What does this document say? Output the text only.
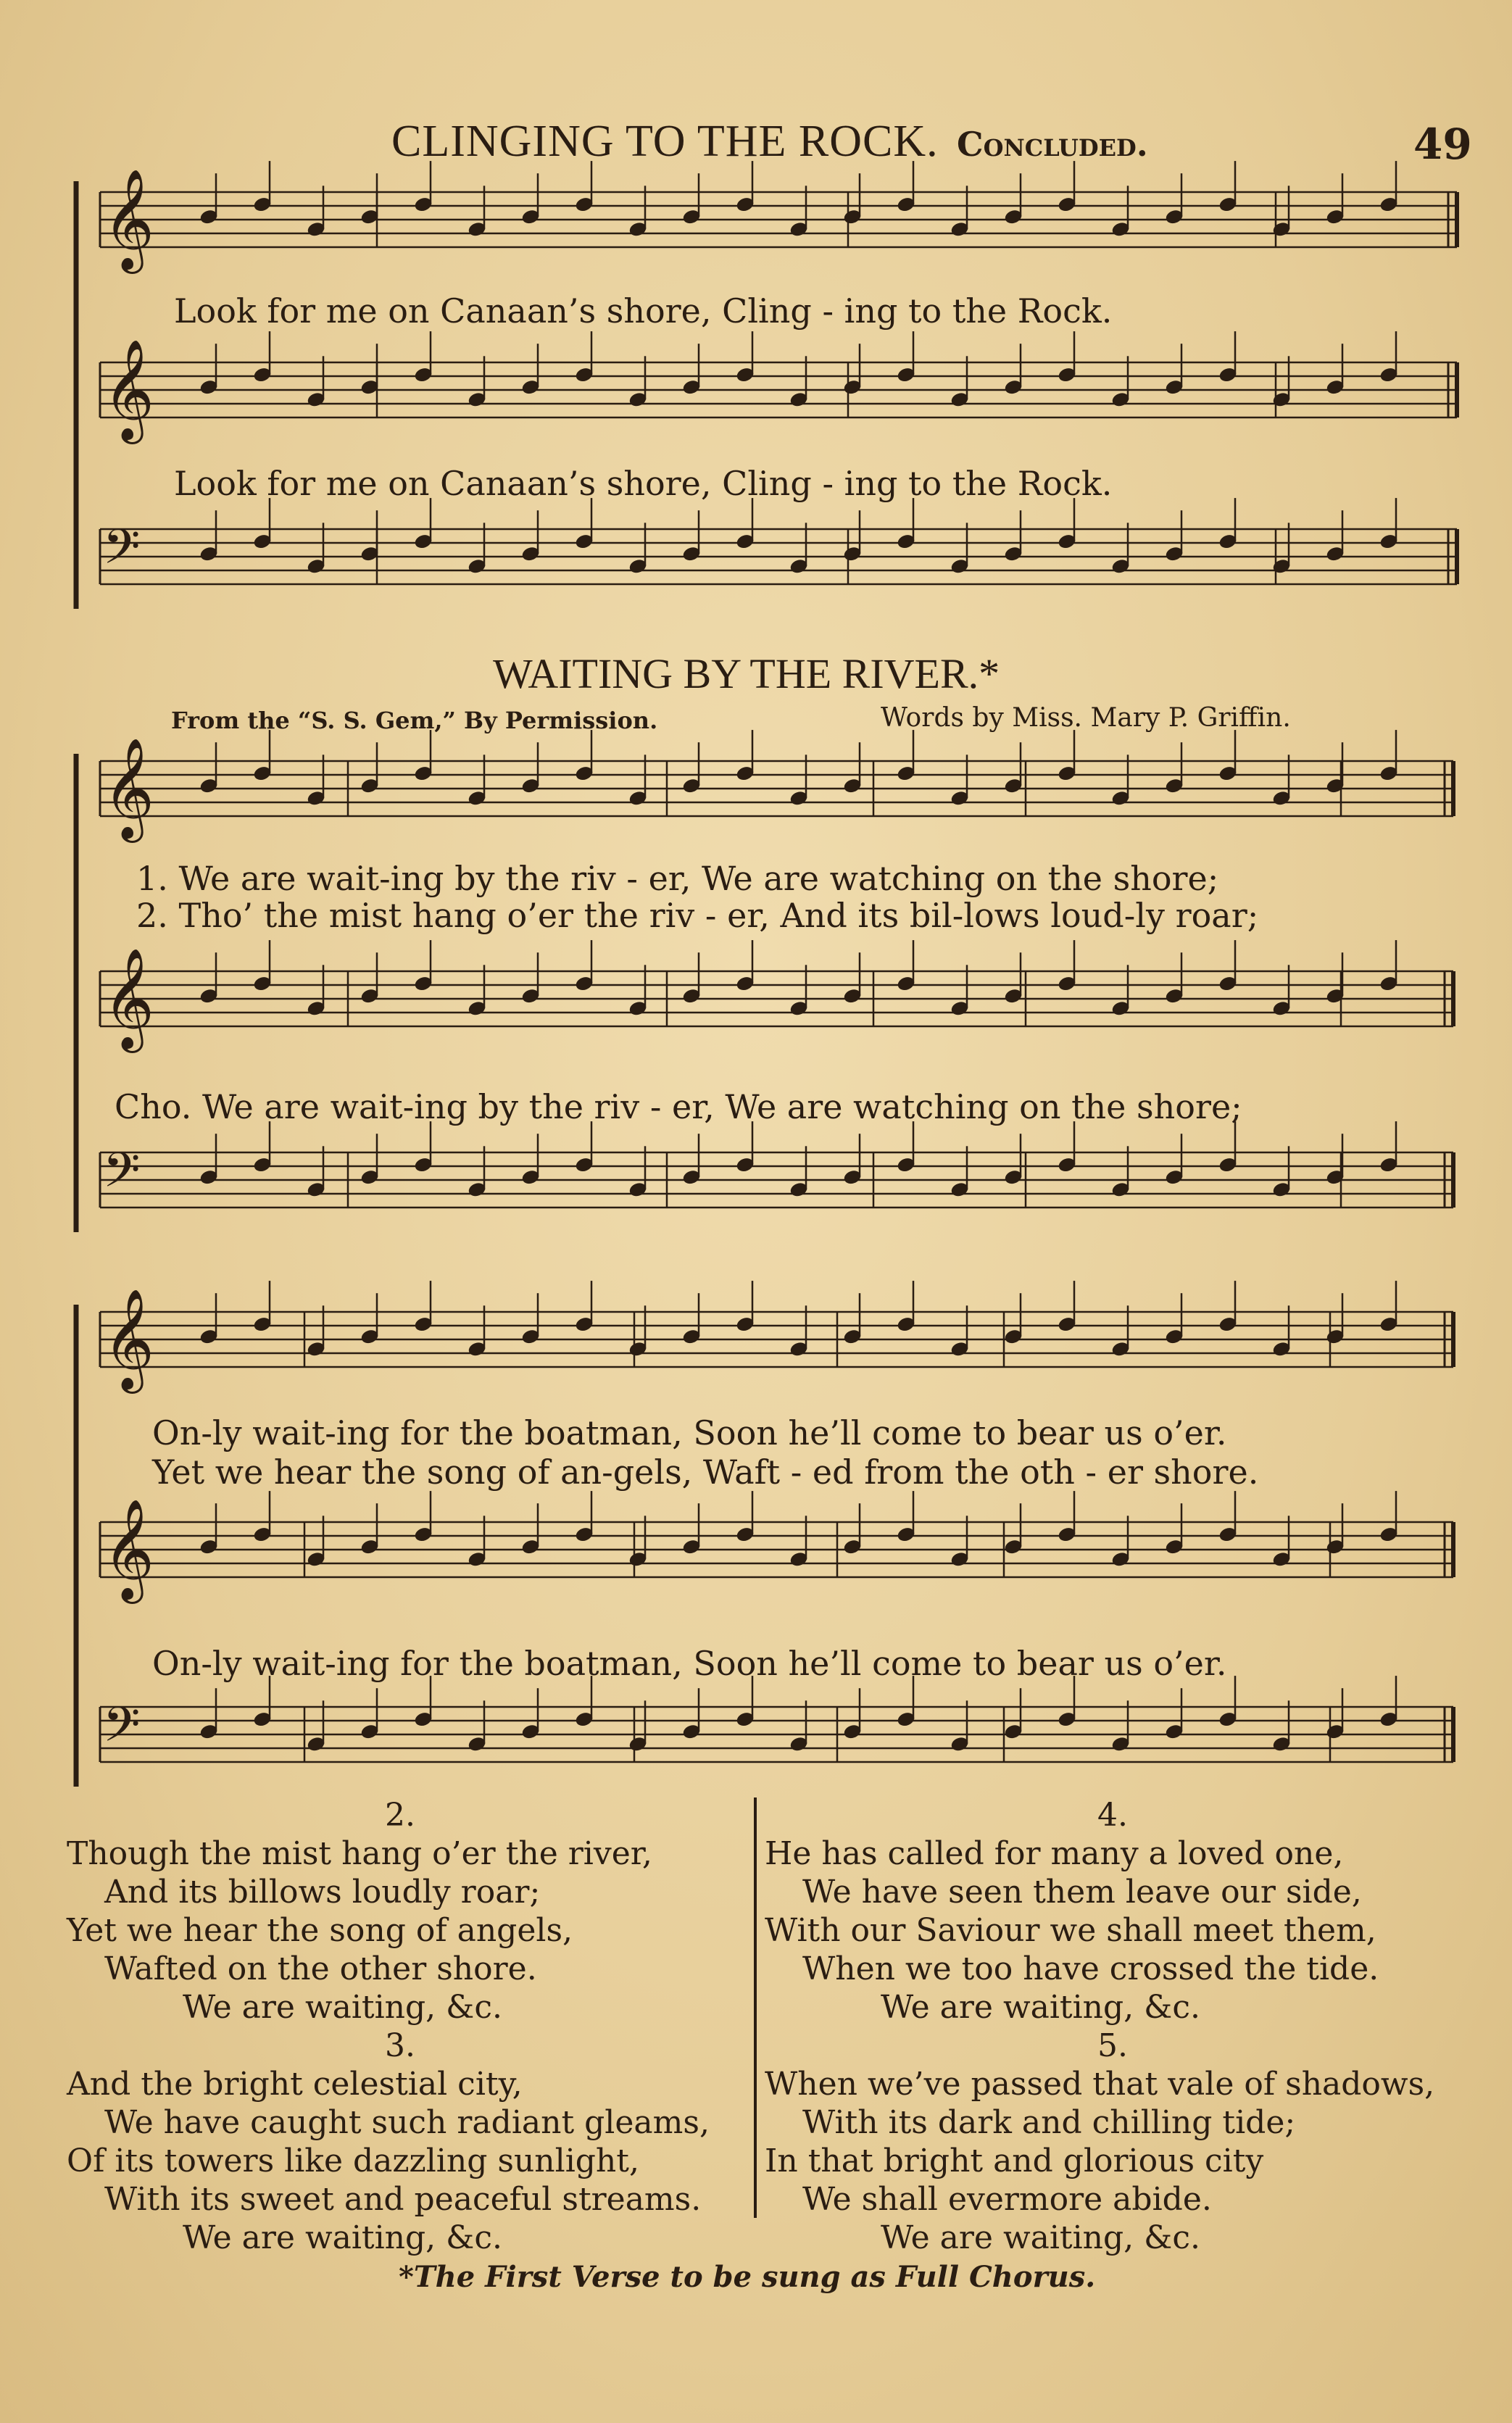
CLINGING TO THE ROCK. Concluded.	49
𝄞
𝄞
𝄢
𝄞
𝄞
𝄢
𝄞
𝄞
𝄢
Look for me on Canaan’s shore, Cling - ing to the Rock.
Look for me on Canaan’s shore, Cling - ing to the Rock.
WAITING BY THE RIVER.*
From the “S. S. Gem,” By Permission.	Words by Miss. Mary P. Griffin.
1. We are wait-ing by the riv - er, We are watching on the shore;
2. Tho’ the mist hang o’er the riv - er, And its bil-lows loud-ly roar;
Cho. We are wait-ing by the riv - er, We are watching on the shore;
On-ly wait-ing for the boatman, Soon he’ll come to bear us o’er.
Yet we hear the song of an-gels, Waft - ed from the oth - er shore.
On-ly wait-ing for the boatman, Soon he’ll come to bear us o’er.
2.
Though the mist hang o’er the river,
And its billows loudly roar;
Yet we hear the song of angels,
Wafted on the other shore.
We are waiting, &c.
3.
And the bright celestial city,
We have caught such radiant gleams,
Of its towers like dazzling sunlight,
With its sweet and peaceful streams.
We are waiting, &c.
4.
He has called for many a loved one,
We have seen them leave our side,
With our Saviour we shall meet them,
When we too have crossed the tide.
We are waiting, &c.
5.
When we’ve passed that vale of shadows,
With its dark and chilling tide;
In that bright and glorious city
We shall evermore abide.
We are waiting, &c.
*The First Verse to be sung as Full Chorus.
